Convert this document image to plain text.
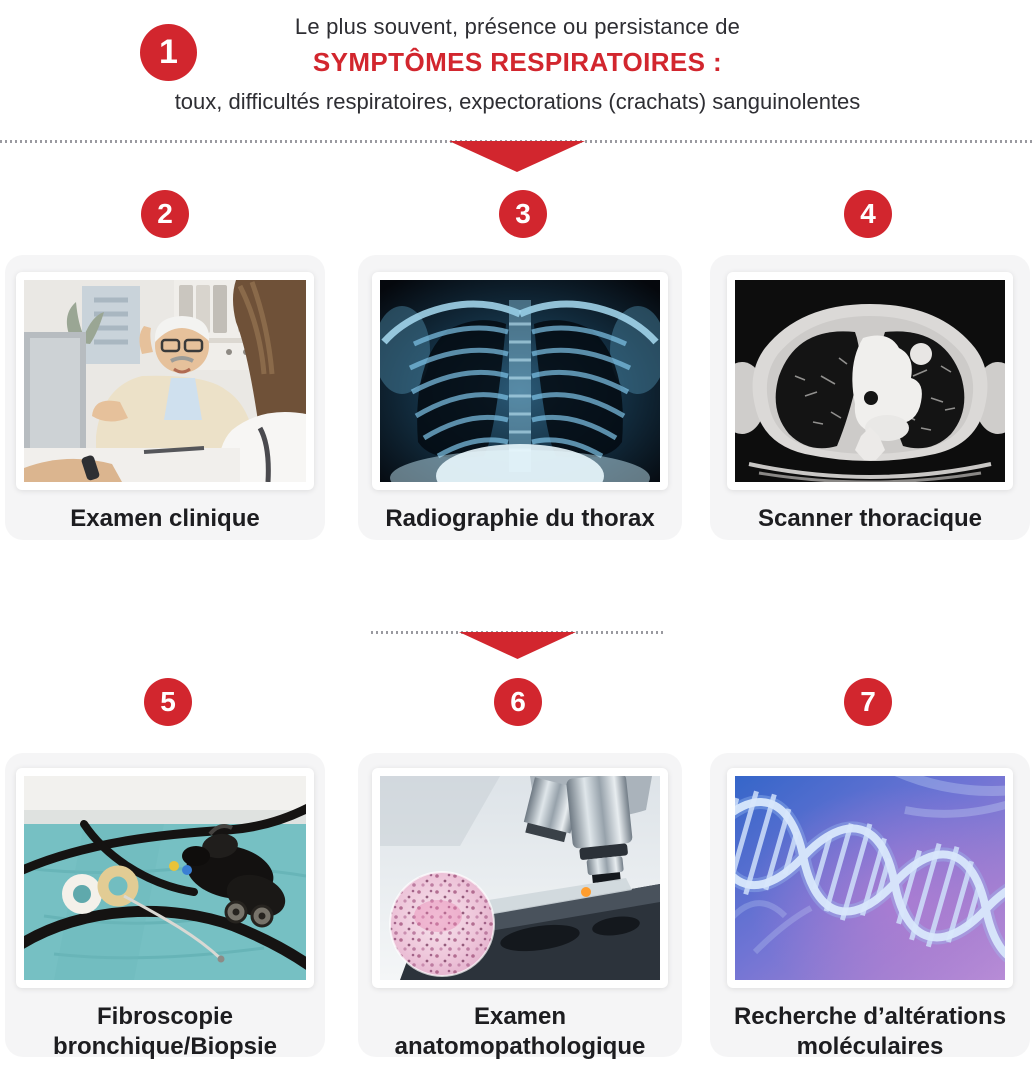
1
Le plus souvent, présence ou persistance de
SYMPTÔMES RESPIRATOIRES :
toux, difficultés respiratoires, expectorations (crachats) sanguinolentes
2	3	4
Examen clinique	Radiographie du thorax	Scanner thoracique
5	6	7
Fibroscopie bronchique/Biopsie
Examen anatomopathologique
Recherche d’altérations moléculaires
